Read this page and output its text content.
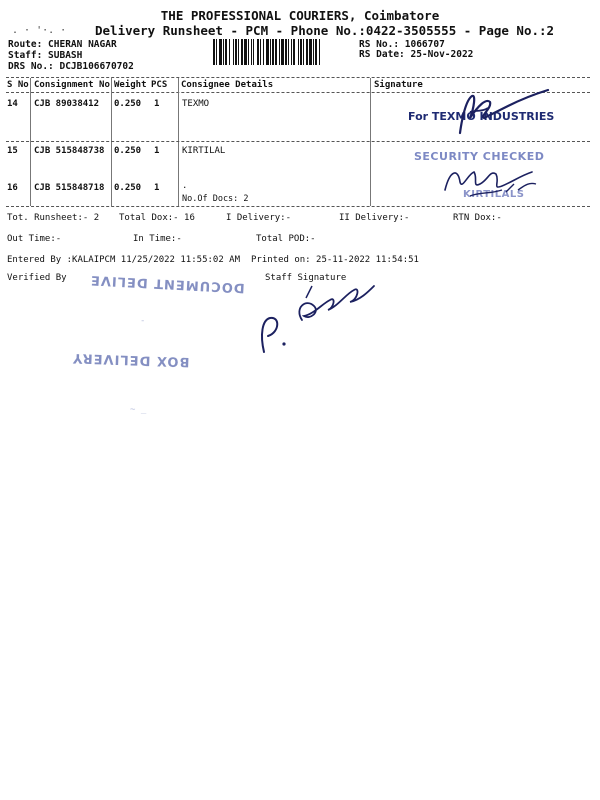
THE PROFESSIONAL COURIERS, Coimbatore
. · '·. · Delivery Runsheet - PCM - Phone No.:0422-3505555 - Page No.:2
Route: CHERAN NAGAR
Staff: SUBASH
DRS No.: DCJB106670702
RS No.: 1066707
RS Date: 25-Nov-2022
S No Consignment No Weight PCS Consignee Details	Signature
14 CJB 89038412 0.250 1	TEXMO
15 CJB 515848738 0.250 1	KIRTILAL
16 CJB 515848718 0.250 1	.
No.Of Docs: 2
Tot. Runsheet:- 2 Total Dox:- 16	I Delivery:-	II Delivery:-	RTN Dox:-
Out Time:-	In Time:-	Total POD:-
Entered By :KALAIPCM 11/25/2022 11:55:02 AM Printed on: 25-11-2022 11:54:51
Verified By	Staff Signature
For TEXMO INDUSTRIES
SECURITY CHECKED
KIRTILALS
DOCUMENT DELIVE
BOX DELIVERY
~ _
-
